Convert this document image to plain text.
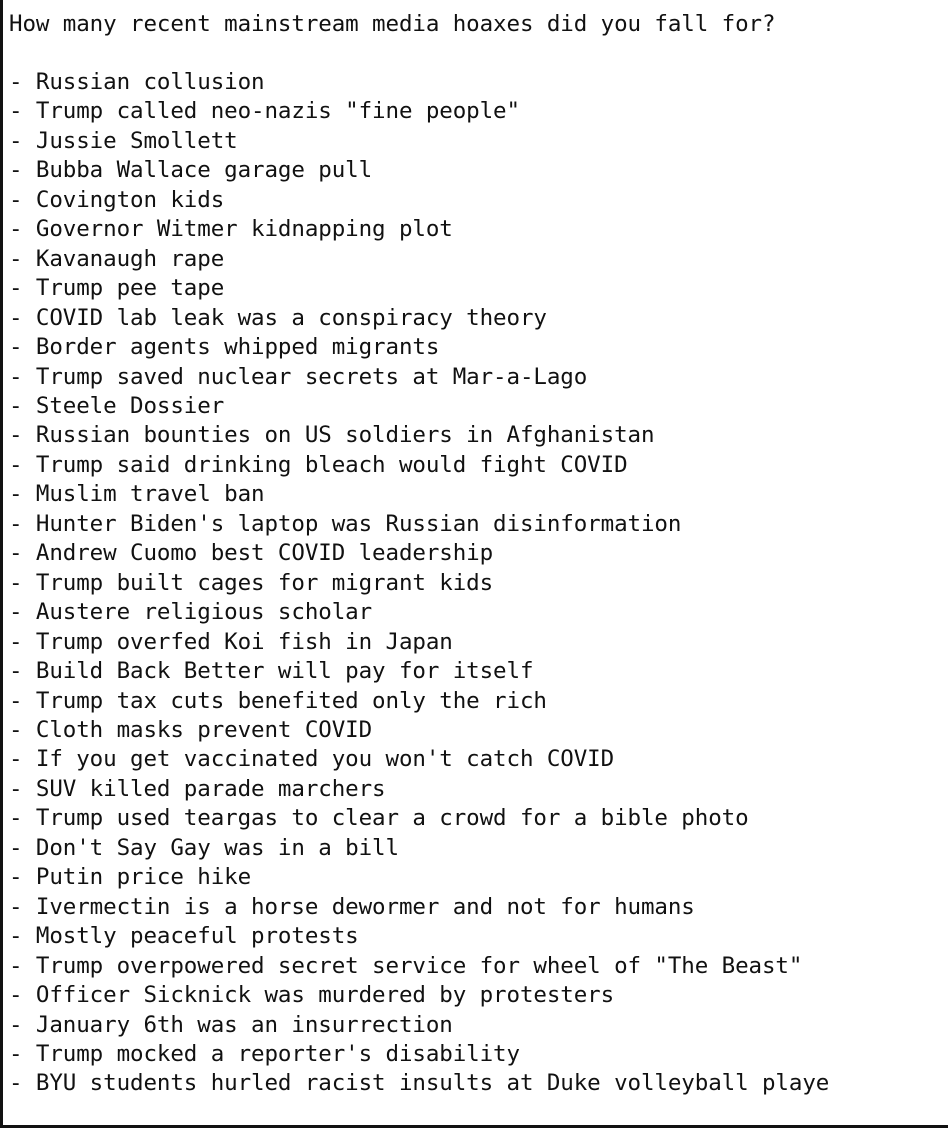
How many recent mainstream media hoaxes did you fall for?
- Russian collusion
- Trump called neo-nazis "fine people"
- Jussie Smollett
- Bubba Wallace garage pull
- Covington kids
- Governor Witmer kidnapping plot
- Kavanaugh rape
- Trump pee tape
- COVID lab leak was a conspiracy theory
- Border agents whipped migrants
- Trump saved nuclear secrets at Mar-a-Lago
- Steele Dossier
- Russian bounties on US soldiers in Afghanistan
- Trump said drinking bleach would fight COVID
- Muslim travel ban
- Hunter Biden's laptop was Russian disinformation
- Andrew Cuomo best COVID leadership
- Trump built cages for migrant kids
- Austere religious scholar
- Trump overfed Koi fish in Japan
- Build Back Better will pay for itself
- Trump tax cuts benefited only the rich
- Cloth masks prevent COVID
- If you get vaccinated you won't catch COVID
- SUV killed parade marchers
- Trump used teargas to clear a crowd for a bible photo
- Don't Say Gay was in a bill
- Putin price hike
- Ivermectin is a horse dewormer and not for humans
- Mostly peaceful protests
- Trump overpowered secret service for wheel of "The Beast"
- Officer Sicknick was murdered by protesters
- January 6th was an insurrection
- Trump mocked a reporter's disability
- BYU students hurled racist insults at Duke volleyball playe
